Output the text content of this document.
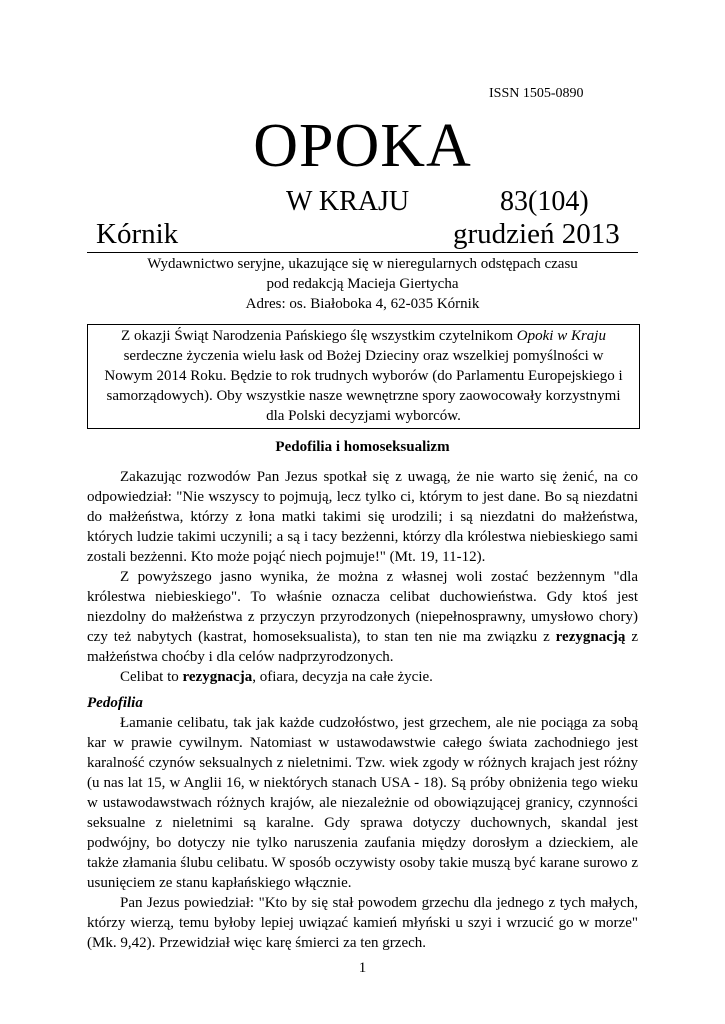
ISSN 1505-0890
OPOKA
W KRAJU	83(104)
Kórnik	grudzień 2013
Wydawnictwo seryjne, ukazujące się w nieregularnych odstępach czasu
pod redakcją Macieja Giertycha
Adres: os. Białoboka 4, 62-035 Kórnik
Z okazji Świąt Narodzenia Pańskiego ślę wszystkim czytelnikom Opoki w Kraju serdeczne życzenia wielu łask od Bożej Dzieciny oraz wszelkiej pomyślności w Nowym 2014 Roku. Będzie to rok trudnych wyborów (do Parlamentu Europejskiego i samorządowych). Oby wszystkie nasze wewnętrzne spory zaowocowały korzystnymi dla Polski decyzjami wyborców.
Pedofilia i homoseksualizm

Zakazując rozwodów Pan Jezus spotkał się z uwagą, że nie warto się żenić, na co odpowiedział: "Nie wszyscy to pojmują, lecz tylko ci, którym to jest dane. Bo są niezdatni do małżeństwa, którzy z łona matki takimi się urodzili; i są niezdatni do małżeństwa, których ludzie takimi uczynili; a są i tacy bezżenni, którzy dla królestwa niebieskiego sami zostali bezżenni. Kto może pojąć niech pojmuje!" (Mt. 19, 11-12).

Z powyższego jasno wynika, że można z własnej woli zostać bezżennym "dla królestwa niebieskiego". To właśnie oznacza celibat duchowieństwa. Gdy ktoś jest niezdolny do małżeństwa z przyczyn przyrodzonych (niepełnosprawny, umysłowo chory) czy też nabytych (kastrat, homoseksualista), to stan ten nie ma związku z rezygnacją z małżeństwa choćby i dla celów nadprzyrodzonych.

Celibat to rezygnacja, ofiara, decyzja na całe życie.

Pedofilia

Łamanie celibatu, tak jak każde cudzołóstwo, jest grzechem, ale nie pociąga za sobą kar w prawie cywilnym. Natomiast w ustawodawstwie całego świata zachodniego jest karalność czynów seksualnych z nieletnimi. Tzw. wiek zgody w różnych krajach jest różny (u nas lat 15, w Anglii 16, w niektórych stanach USA - 18). Są próby obniżenia tego wieku w ustawodawstwach różnych krajów, ale niezależnie od obowiązującej granicy, czynności seksualne z nieletnimi są karalne. Gdy sprawa dotyczy duchownych, skandal jest podwójny, bo dotyczy nie tylko naruszenia zaufania między dorosłym a dzieckiem, ale także złamania ślubu celibatu. W sposób oczywisty osoby takie muszą być karane surowo z usunięciem ze stanu kapłańskiego włącznie.

Pan Jezus powiedział: "Kto by się stał powodem grzechu dla jednego z tych małych, którzy wierzą, temu byłoby lepiej uwiązać kamień młyński u szyi i wrzucić go w morze" (Mk. 9,42). Przewidział więc karę śmierci za ten grzech.

1
